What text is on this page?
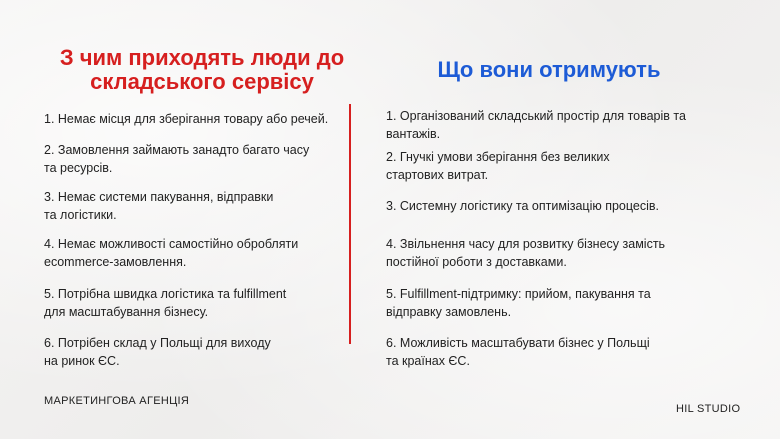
З чим приходять люди до складського сервісу	Що вони отримують
1. Немає місця для зберігання товару або речей.
2. Замовлення займають занадто багато часу
та ресурсів.
3. Немає системи пакування, відправки
та логістики.
4. Немає можливості самостійно обробляти
ecommerce-замовлення.
5. Потрібна швидка логістика та fulfillment
для масштабування бізнесу.
6. Потрібен склад у Польщі для виходу
на ринок ЄС.
1. Організований складський простір для товарів та
вантажів.
2. Гнучкі умови зберігання без великих
стартових витрат.
3. Системну логістику та оптимізацію процесів.
4. Звільнення часу для розвитку бізнесу замість
постійної роботи з доставками.
5. Fulfillment-підтримку: прийом, пакування та
відправку замовлень.
6. Можливість масштабувати бізнес у Польщі
та країнах ЄС.
МАРКЕТИНГОВА АГЕНЦІЯ
HIL STUDIO
